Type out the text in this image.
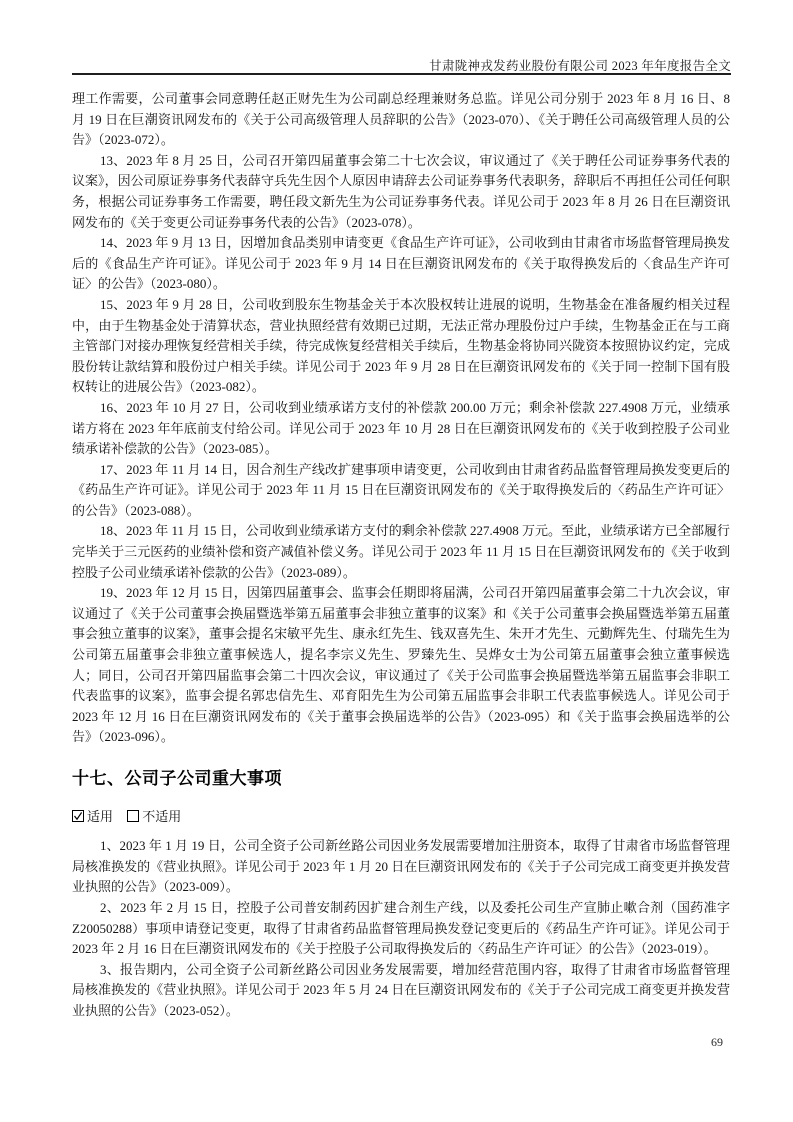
甘肃陇神戎发药业股份有限公司 2023 年年度报告全文

理工作需要，公司董事会同意聘任赵正财先生为公司副总经理兼财务总监。详见公司分别于 2023 年 8 月 16 日、8 月 19 日在巨潮资讯网发布的《关于公司高级管理人员辞职的公告》（2023-070）、《关于聘任公司高级管理人员的公告》（2023-072）。

13、2023 年 8 月 25 日，公司召开第四届董事会第二十七次会议，审议通过了《关于聘任公司证券事务代表的议案》，因公司原证券事务代表薛守兵先生因个人原因申请辞去公司证券事务代表职务，辞职后不再担任公司任何职务，根据公司证券事务工作需要，聘任段文新先生为公司证券事务代表。详见公司于 2023 年 8 月 26 日在巨潮资讯网发布的《关于变更公司证券事务代表的公告》（2023-078）。

14、2023 年 9 月 13 日，因增加食品类别申请变更《食品生产许可证》，公司收到由甘肃省市场监督管理局换发后的《食品生产许可证》。详见公司于 2023 年 9 月 14 日在巨潮资讯网发布的《关于取得换发后的〈食品生产许可证〉的公告》（2023-080）。

15、2023 年 9 月 28 日，公司收到股东生物基金关于本次股权转让进展的说明，生物基金在准备履约相关过程中，由于生物基金处于清算状态，营业执照经营有效期已过期，无法正常办理股份过户手续，生物基金正在与工商主管部门对接办理恢复经营相关手续，待完成恢复经营相关手续后，生物基金将协同兴陇资本按照协议约定，完成股份转让款结算和股份过户相关手续。详见公司于 2023 年 9 月 28 日在巨潮资讯网发布的《关于同一控制下国有股权转让的进展公告》（2023-082）。

16、2023 年 10 月 27 日，公司收到业绩承诺方支付的补偿款 200.00 万元；剩余补偿款 227.4908 万元，业绩承诺方将在 2023 年年底前支付给公司。详见公司于 2023 年 10 月 28 日在巨潮资讯网发布的《关于收到控股子公司业绩承诺补偿款的公告》（2023-085）。

17、2023 年 11 月 14 日，因合剂生产线改扩建事项申请变更，公司收到由甘肃省药品监督管理局换发变更后的《药品生产许可证》。详见公司于 2023 年 11 月 15 日在巨潮资讯网发布的《关于取得换发后的〈药品生产许可证〉的公告》（2023-088）。

18、2023 年 11 月 15 日，公司收到业绩承诺方支付的剩余补偿款 227.4908 万元。至此，业绩承诺方已全部履行完毕关于三元医药的业绩补偿和资产减值补偿义务。详见公司于 2023 年 11 月 15 日在巨潮资讯网发布的《关于收到控股子公司业绩承诺补偿款的公告》（2023-089）。

19、2023 年 12 月 15 日，因第四届董事会、监事会任期即将届满，公司召开第四届董事会第二十九次会议，审议通过了《关于公司董事会换届暨选举第五届董事会非独立董事的议案》和《关于公司董事会换届暨选举第五届董事会独立董事的议案》，董事会提名宋敏平先生、康永红先生、钱双喜先生、朱开才先生、元勤辉先生、付瑞先生为公司第五届董事会非独立董事候选人，提名李宗义先生、罗臻先生、吴烨女士为公司第五届董事会独立董事候选人；同日，公司召开第四届监事会第二十四次会议，审议通过了《关于公司监事会换届暨选举第五届监事会非职工代表监事的议案》，监事会提名郭忠信先生、邓育阳先生为公司第五届监事会非职工代表监事候选人。详见公司于 2023 年 12 月 16 日在巨潮资讯网发布的《关于董事会换届选举的公告》（2023-095）和《关于监事会换届选举的公告》（2023-096）。

十七、公司子公司重大事项

适用 不适用

1、2023 年 1 月 19 日，公司全资子公司新丝路公司因业务发展需要增加注册资本，取得了甘肃省市场监督管理局核准换发的《营业执照》。详见公司于 2023 年 1 月 20 日在巨潮资讯网发布的《关于子公司完成工商变更并换发营业执照的公告》（2023-009）。

2、2023 年 2 月 15 日，控股子公司普安制药因扩建合剂生产线，以及委托公司生产宣肺止嗽合剂（国药准字Z20050288）事项申请登记变更，取得了甘肃省药品监督管理局换发登记变更后的《药品生产许可证》。详见公司于 2023 年 2 月 16 日在巨潮资讯网发布的《关于控股子公司取得换发后的〈药品生产许可证〉的公告》（2023-019）。

3、报告期内，公司全资子公司新丝路公司因业务发展需要，增加经营范围内容，取得了甘肃省市场监督管理局核准换发的《营业执照》。详见公司于 2023 年 5 月 24 日在巨潮资讯网发布的《关于子公司完成工商变更并换发营业执照的公告》（2023-052）。

69
